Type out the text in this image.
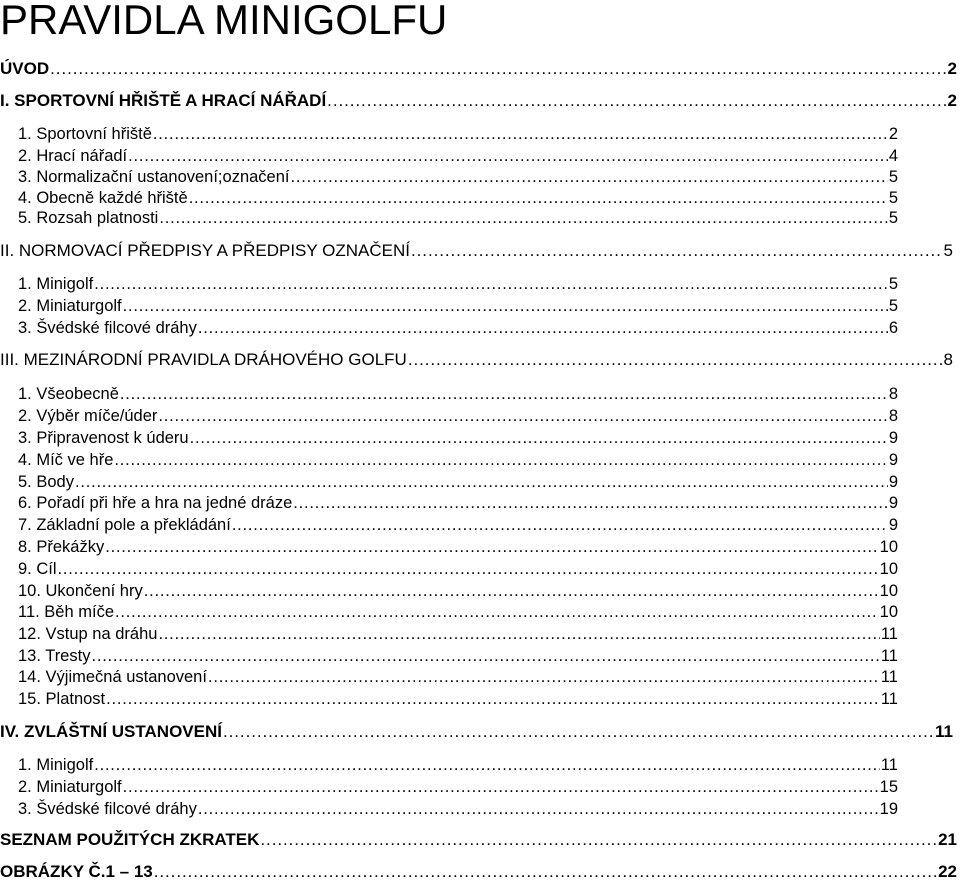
PRAVIDLA MINIGOLFU
ÚVOD . . .	2
I. SPORTOVNÍ HŘIŠTĚ A HRACÍ NÁŘADÍ . . .	2
1. Sportovní hřiště . . .	2
2. Hrací nářadí . . .	4
3. Normalizační ustanovení;označení . . .	5
4. Obecně každé hřiště . . .	5
5. Rozsah platnosti . . .	5
II. NORMOVACÍ PŘEDPISY A PŘEDPISY OZNAČENÍ . . .	5
1. Minigolf . . .	5
2. Miniaturgolf . . .	5
3. Švédské filcové dráhy . . .	6
III. MEZINÁRODNÍ PRAVIDLA DRÁHOVÉHO GOLFU . . .	8
1. Všeobecně . . .	8
2. Výběr míče/úder . . .	8
3. Připravenost k úderu . . .	9
4. Míč ve hře . . .	9
5. Body . . .	9
6. Pořadí při hře a hra na jedné dráze . . .	9
7. Základní pole a překládání . . .	9
8. Překážky . . .	10
9. Cíl . . .	10
10. Ukončení hry . . .	10
11. Běh míče . . .	10
12. Vstup na dráhu . . .	11
13. Tresty . . .	11
14. Výjimečná ustanovení . . .	11
15. Platnost . . .	11
IV. ZVLÁŠTNÍ USTANOVENÍ . . .	11
1. Minigolf . . .	11
2. Miniaturgolf . . .	15
3. Švédské filcové dráhy . . .	19
SEZNAM POUŽITÝCH ZKRATEK . . .	21
OBRÁZKY Č.1 – 13 . . .	22
